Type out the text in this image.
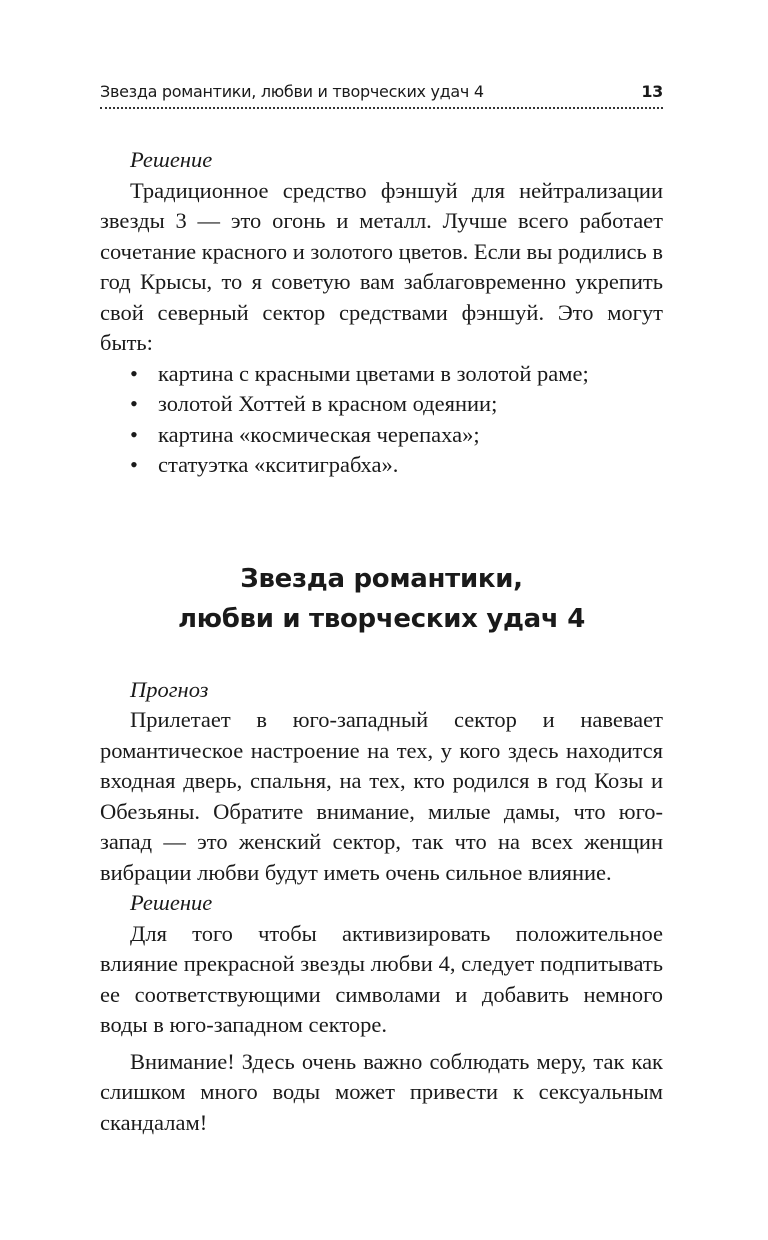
Звезда романтики, любви и творческих удач 4	13

Решение

Традиционное средство фэншуй для нейтрализации звезды 3 — это огонь и металл. Лучше всего работает сочетание красного и золотого цветов. Если вы родились в год Крысы, то я советую вам заблаговременно укрепить свой северный сектор средствами фэншуй. Это могут быть:

• картина с красными цветами в золотой раме;
• золотой Хоттей в красном одеянии;
• картина «космическая черепаха»;
• статуэтка «кситиграбха».
Звезда романтики,
любви и творческих удач 4

Прогноз

Прилетает в юго-западный сектор и навевает романтическое настроение на тех, у кого здесь находится входная дверь, спальня, на тех, кто родился в год Козы и Обезьяны. Обратите внимание, милые дамы, что юго-запад — это женский сектор, так что на всех женщин вибрации любви будут иметь очень сильное влияние.

Решение

Для того чтобы активизировать положительное влияние прекрасной звезды любви 4, следует подпитывать ее соответствующими символами и добавить немного воды в юго-западном секторе.

Внимание! Здесь очень важно соблюдать меру, так как слишком много воды может привести к сексуальным скандалам!
